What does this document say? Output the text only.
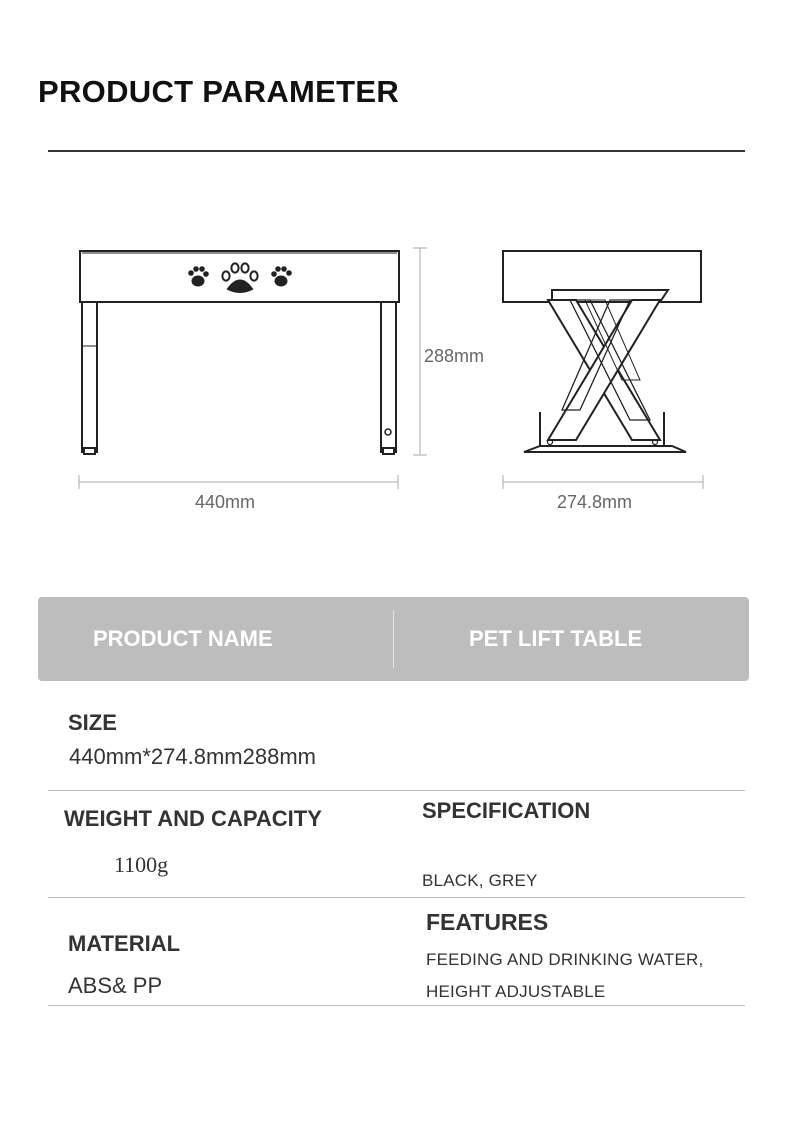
PRODUCT PARAMETER
440mm
288mm
274.8mm
PRODUCT NAME	PET LIFT TABLE
SIZE
440mm*274.8mm288mm
WEIGHT AND CAPACITY
1100g
SPECIFICATION
BLACK, GREY
MATERIAL
ABS& PP
FEATURES
FEEDING AND DRINKING WATER,
HEIGHT ADJUSTABLE
